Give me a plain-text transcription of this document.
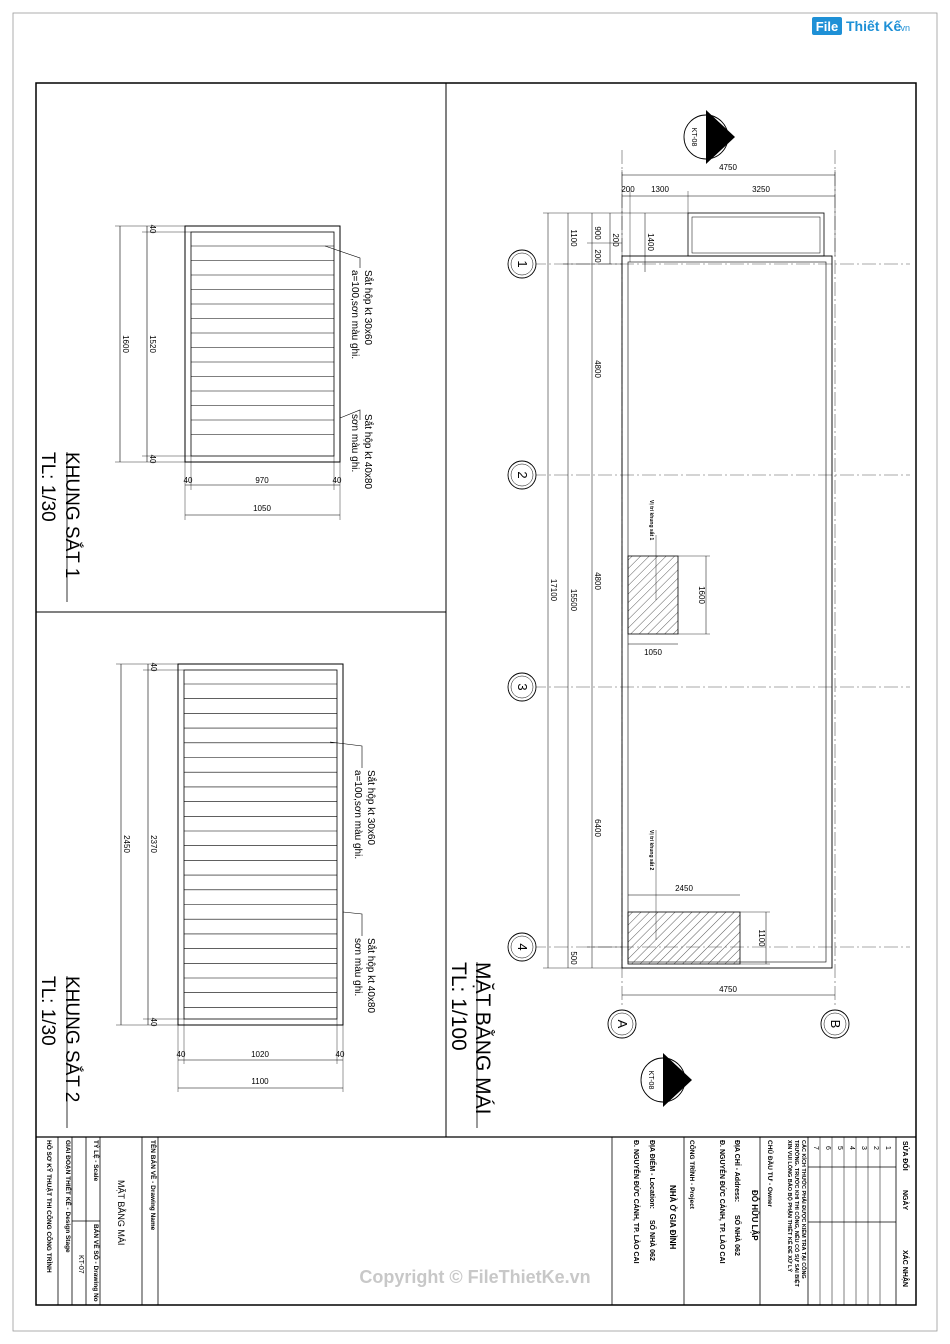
1600 1520
40
40
40	40
970
1050
Sắt hộp kt 30x60
a=100,sơn màu ghi.
Sắt hộp kt 40x80
sơn màu ghi.
KHUNG SẮT 1
TL: 1/30
2450 2370
40
40
40	40
1020
1100
Sắt hộp kt 30x60
a=100,sơn màu ghi.
Sắt hộp kt 40x80
sơn màu ghi.
KHUNG SẮT 2
TL: 1/30
1050
1600
2450
1100
Vị trí khung sắt 1
Vị trí khung sắt 2
4750
200 1300	3250
17100 15500
1100 900
200
200	1400
4800
4800
6400
500
4750
1
2
3
4
A	B
A
KT-08
A
KT-08
MẶT BẰNG MÁI
TL: 1/100
SỬA ĐỔI
NGÀY
XÁC NHẬN
1
2
3
4
5
6
7
CÁC KÍCH THƯỚC PHẢI ĐƯỢC KIỂM TRA TẠI CÔNG
TRƯỜNG. TRƯỚC KHI THI CÔNG, NẾU CÓ SỰ SAI BIỆT
XIN VUI LÒNG BÁO BỘ PHẬN THIẾT KẾ ĐỂ XỬ LÝ
CHỦ ĐẦU TƯ - Owner
ĐỖ HỮU LẬP
ĐỊA CHỈ - Address:
SỐ NHÀ 062
Đ. NGUYỄN ĐỨC CẢNH, TP. LÀO CAI
CÔNG TRÌNH - Project
NHÀ Ở GIA ĐÌNH
ĐỊA ĐIỂM - Location:
SỐ NHÀ 062
Đ. NGUYỄN ĐỨC CẢNH, TP. LÀO CAI
TÊN BẢN VẼ - Drawing Name
MẶT BẰNG MÁI
TỶ LỆ - Scale
BẢN VẼ SỐ - Drawing No
KT-07
GIAI ĐOẠN THIẾT KẾ - Design Stage
HỒ SƠ KỸ THUẬT THI CÔNG CÔNG TRÌNH
Copyright © FileThietKe.vn
File Thiết Kế
.vn
